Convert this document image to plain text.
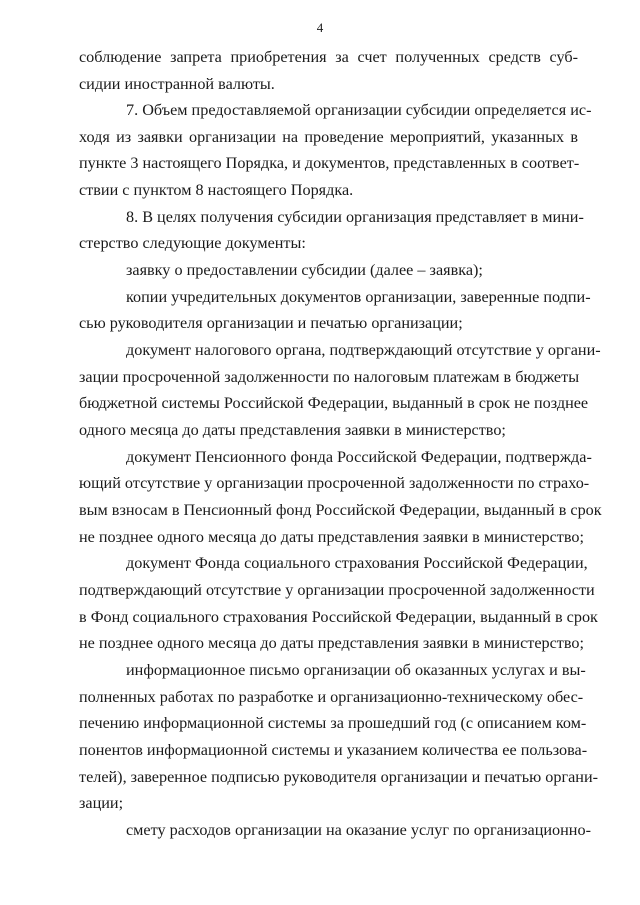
4
соблюдение запрета приобретения за счет полученных средств суб-
сидии иностранной валюты.
7. Объем предоставляемой организации субсидии определяется ис-
ходя из заявки организации на проведение мероприятий, указанных в
пункте 3 настоящего Порядка, и документов, представленных в соответ-
ствии с пунктом 8 настоящего Порядка.
8. В целях получения субсидии организация представляет в мини-
стерство следующие документы:
заявку о предоставлении субсидии (далее – заявка);
копии учредительных документов организации, заверенные подпи-
сью руководителя организации и печатью организации;
документ налогового органа, подтверждающий отсутствие у органи-
зации просроченной задолженности по налоговым платежам в бюджеты
бюджетной системы Российской Федерации, выданный в срок не позднее
одного месяца до даты представления заявки в министерство;
документ Пенсионного фонда Российской Федерации, подтвержда-
ющий отсутствие у организации просроченной задолженности по страхо-
вым взносам в Пенсионный фонд Российской Федерации, выданный в срок
не позднее одного месяца до даты представления заявки в министерство;
документ Фонда социального страхования Российской Федерации,
подтверждающий отсутствие у организации просроченной задолженности
в Фонд социального страхования Российской Федерации, выданный в срок
не позднее одного месяца до даты представления заявки в министерство;
информационное письмо организации об оказанных услугах и вы-
полненных работах по разработке и организационно-техническому обес-
печению информационной системы за прошедший год (с описанием ком-
понентов информационной системы и указанием количества ее пользова-
телей), заверенное подписью руководителя организации и печатью органи-
зации;
смету расходов организации на оказание услуг по организационно-
